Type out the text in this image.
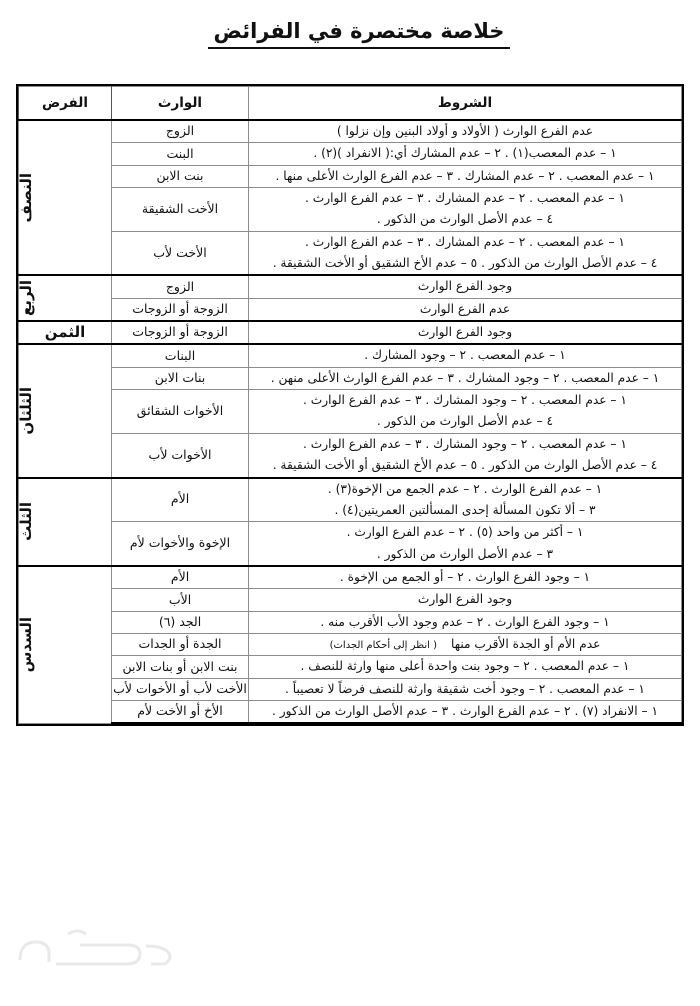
خلاصة مختصرة في الفرائض
الشروط	الوارث	الفرض

عدم الفرع الوارث ( الأولاد و أولاد البنين وإن نزلوا )	الزوج	النصف

١ – عدم المعصب(١) . ٢ – عدم المشارك أي:( الانفراد )(٢) .	البنت	

١ – عدم المعصب . ٢ – عدم المشارك . ٣ – عدم الفرع الوارث الأعلى منها .	بنت الابن	

١ – عدم المعصب . ٢ – عدم المشارك . ٣ – عدم الفرع الوارث .
٤ – عدم الأصل الوارث من الذكور .	الأخت الشقيقة	

١ – عدم المعصب . ٢ – عدم المشارك . ٣ – عدم الفرع الوارث .
٤ – عدم الأصل الوارث من الذكور . ٥ – عدم الأخ الشقيق أو الأخت الشقيقة .	الأخت لأب	

وجود الفرع الوارث	الزوج	الربع

عدم الفرع الوارث	الزوجة أو الزوجات	

وجود الفرع الوارث	الزوجة أو الزوجات	الثمن

١ – عدم المعصب . ٢ – وجود المشارك .	البنات	الثلثان

١ – عدم المعصب . ٢ – وجود المشارك . ٣ – عدم الفرع الوارث الأعلى منهن .	بنات الابن	

١ – عدم المعصب . ٢ – وجود المشارك . ٣ – عدم الفرع الوارث .
٤ – عدم الأصل الوارث من الذكور .	الأخوات الشقائق	

١ – عدم المعصب . ٢ – وجود المشارك . ٣ – عدم الفرع الوارث .
٤ – عدم الأصل الوارث من الذكور . ٥ – عدم الأخ الشقيق أو الأخت الشقيقة .	الأخوات لأب	

١ – عدم الفرع الوارث . ٢ – عدم الجمع من الإخوة(٣) .
٣ – ألا تكون المسألة إحدى المسألتين العمريتين(٤) .	الأم	الثلث

١ – أكثر من واحد (٥) . ٢ – عدم الفرع الوارث .
٣ – عدم الأصل الوارث من الذكور .	الإخوة والأخوات لأم	

١ – وجود الفرع الوارث . ٢ – أو الجمع من الإخوة .	الأم	السدس

وجود الفرع الوارث	الأب	

١ – وجود الفرع الوارث . ٢ – عدم وجود الأب الأقرب منه .	الجد (٦)	

عدم الأم أو الجدة الأقرب منها( انظر إلى أحكام الجدات)	الجدة أو الجدات	

١ – عدم المعصب . ٢ – وجود بنت واحدة أعلى منها وارثة للنصف .	بنت الابن أو بنات الابن	

١ – عدم المعصب . ٢ – وجود أخت شقيقة وارثة للنصف فرضاً لا تعصيباً .	الأخت لأب أو الأخوات لأب	

١ – الانفراد (٧) . ٢ – عدم الفرع الوارث . ٣ – عدم الأصل الوارث من الذكور .	الأخ أو الأخت لأم	
